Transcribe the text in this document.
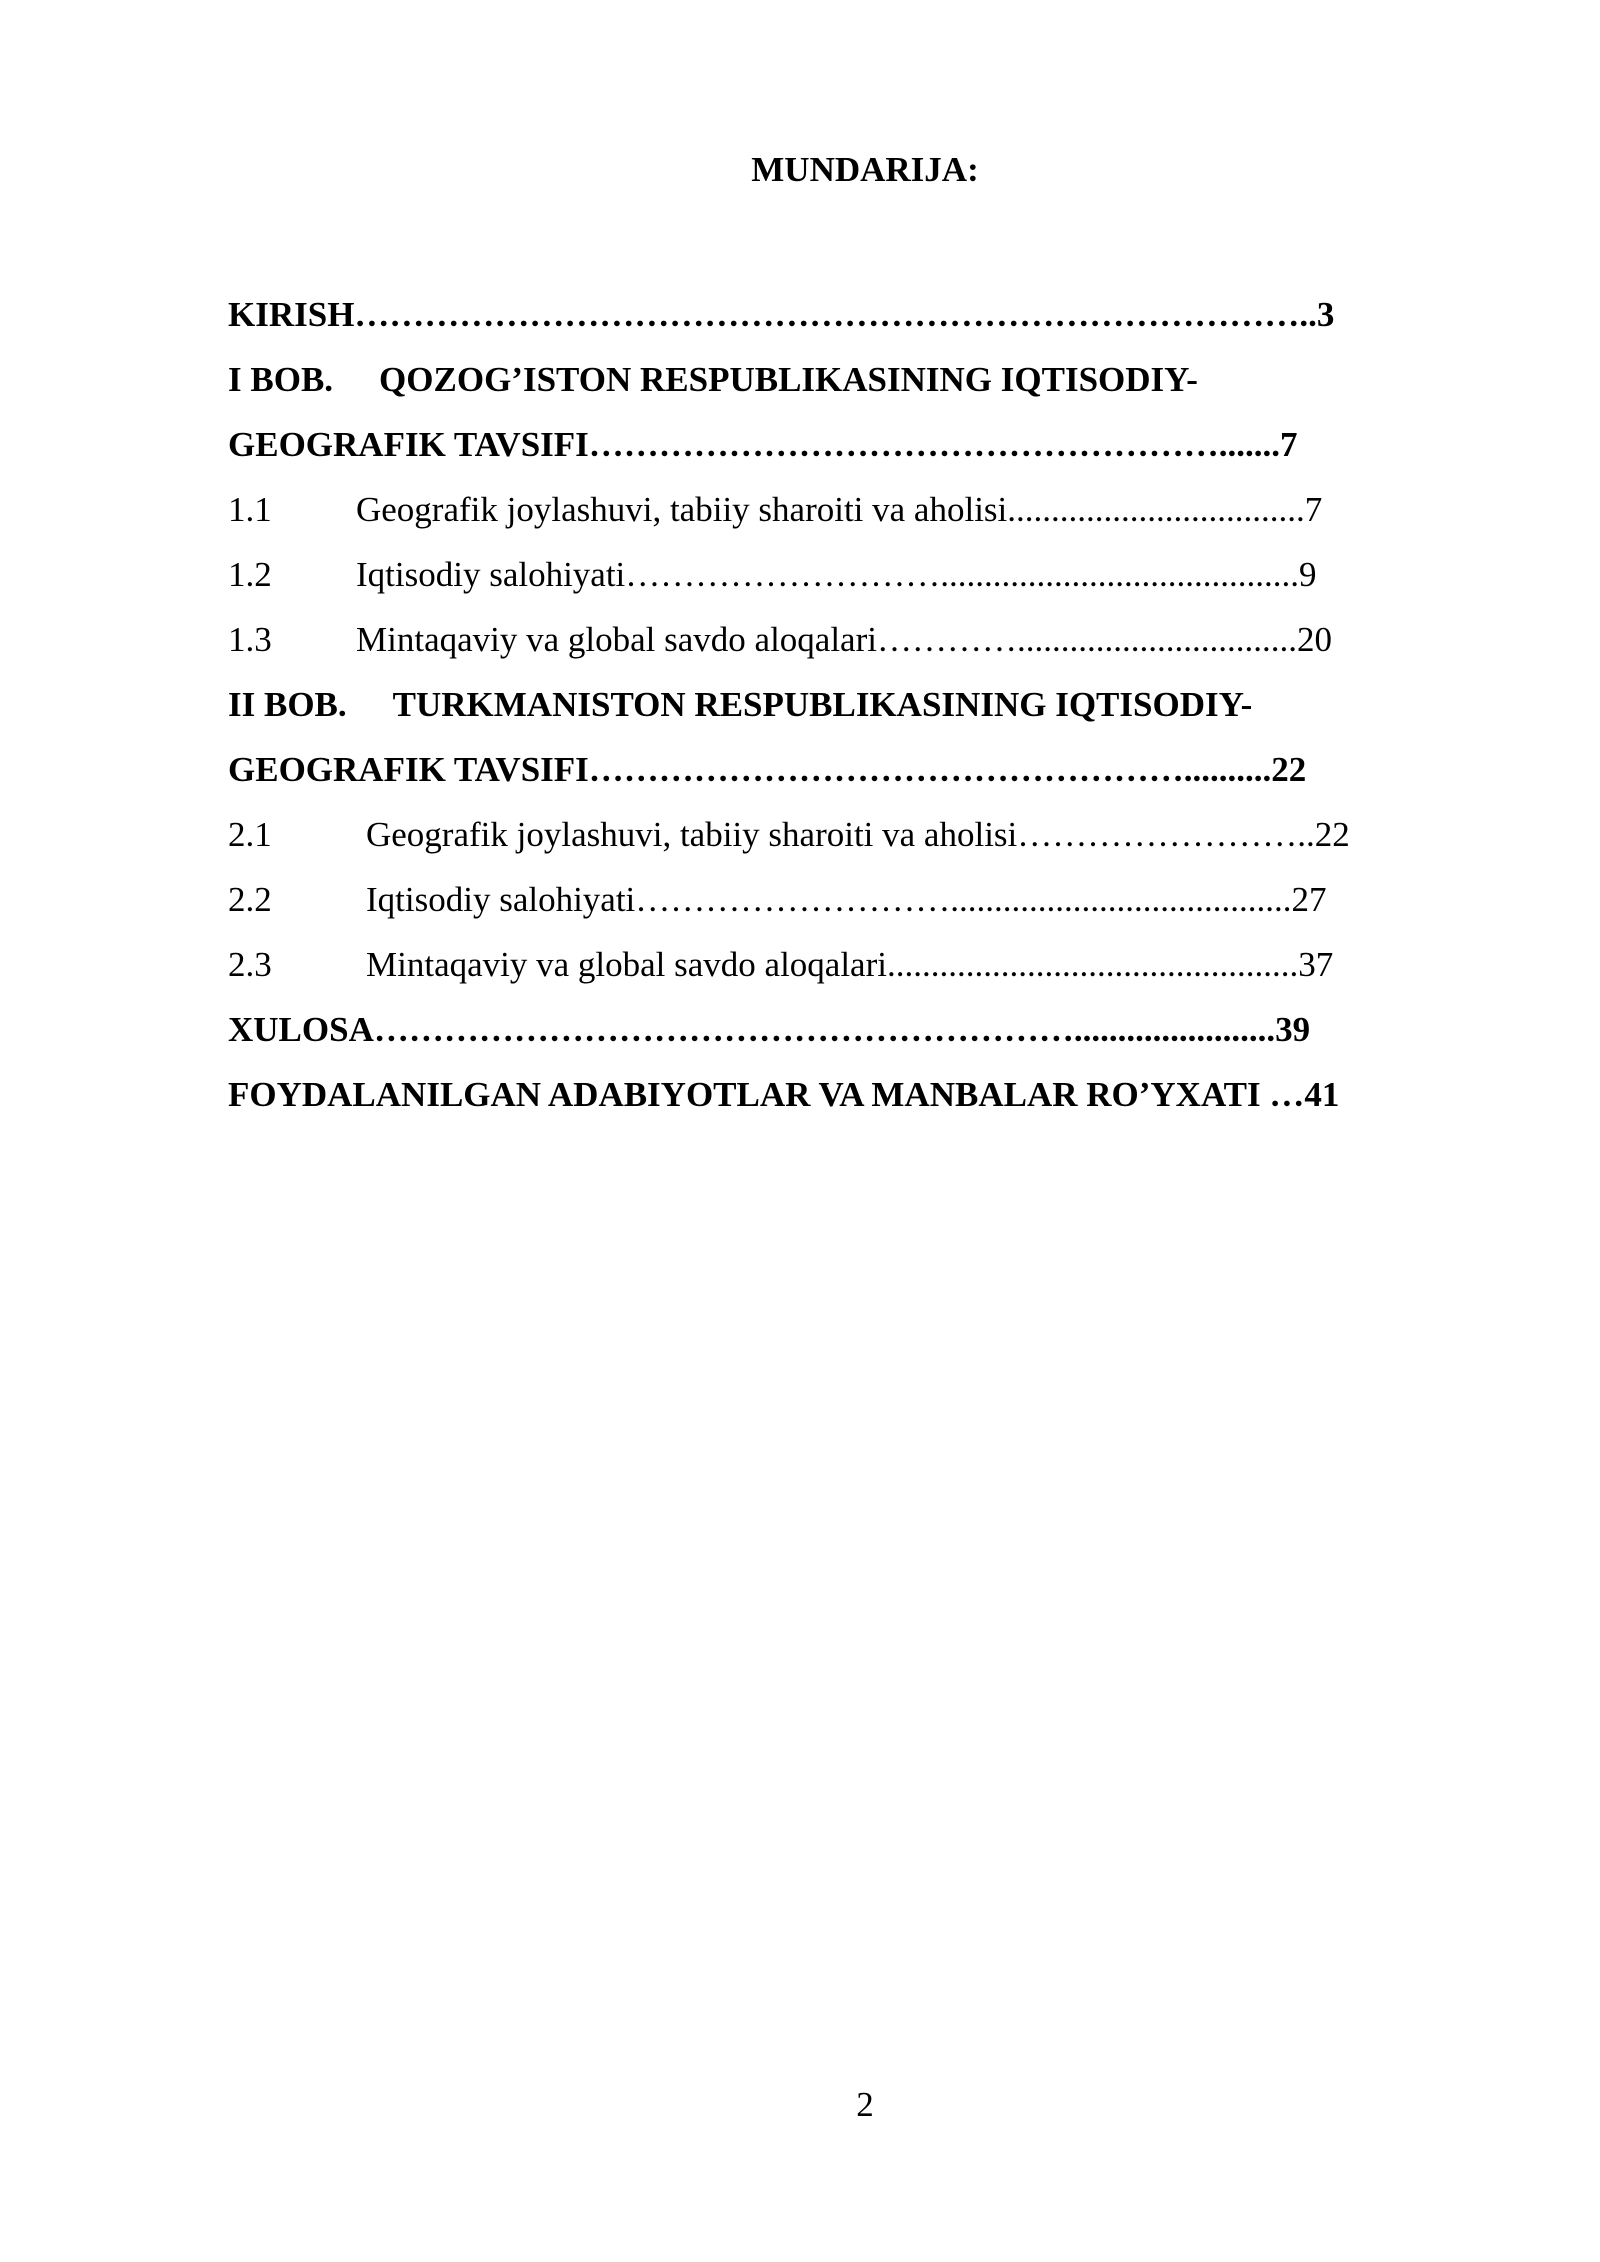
MUNDARIJA:
KIRISH………………………………………………………………………..3
I BOB. QOZOG’ISTON RESPUBLIKASINING IQTISODIY-
GEOGRAFIK TAVSIFI……………………………………………….......7
1.1 Geografik joylashuvi, tabiiy sharoiti va aholisi..................................7
1.2 Iqtisodiy salohiyati……………………….........................................9
1.3 Mintaqaviy va global savdo aloqalari…………................................20
II BOB. TURKMANISTON RESPUBLIKASINING IQTISODIY-
GEOGRAFIK TAVSIFI……………………………………………..........22
2.1	Geografik joylashuvi, tabiiy sharoiti va aholisi……………………..22
2.2	Iqtisodiy salohiyati……………………….......................................27
2.3	Mintaqaviy va global savdo aloqalari...............................................37
XULOSA…………………………………………………….......................39
FOYDALANILGAN ADABIYOTLAR VA MANBALAR RO’YXATI …41
2
